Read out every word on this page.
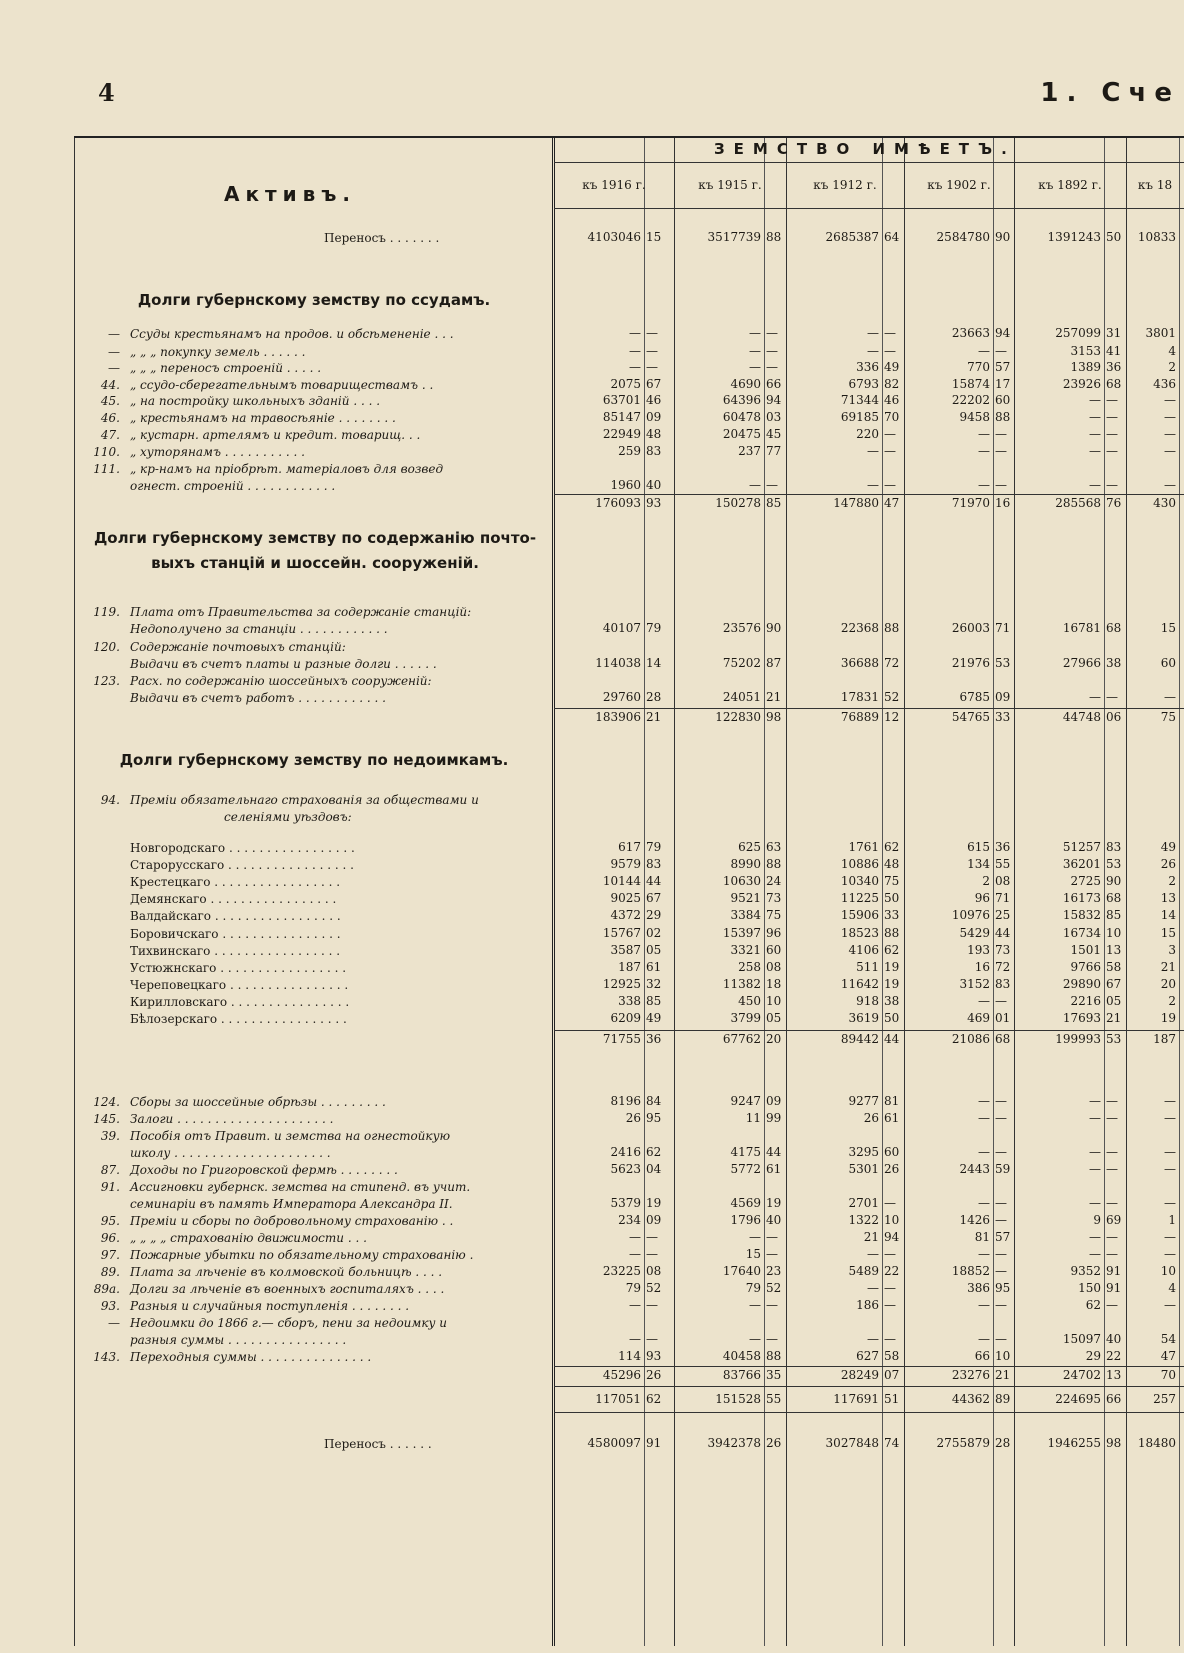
4	1. Сче
ЗЕМСТВО ИМѢЕТЪ.
къ 1916 г.	къ 1915 г.	къ 1912 г.	къ 1902 г.	къ 1892 г.	къ 18
Активъ.
Переносъ . . . . . . .	4103046 15	3517739 88	2685387 64	2584780 90	1391243 50	10833
Долги губернскому земству по ссудамъ.
— Ссуды крестьянамъ на продов. и обсѣмененіе . . .	— —	— —	— —	23663 94	257099 31	3801
— „ „ „ покупку земель . . . . . .	— —	— —	— —	— —	3153 41	4
— „ „ „ переносъ строеній . . . . .	— —	— —	336 49	770 57	1389 36	2
44. „ ссудо-сберегательнымъ товариществамъ . .	2075 67	4690 66	6793 82	15874 17	23926 68	436
45. „ на постройку школьныхъ зданій . . . .	63701 46	64396 94	71344 46	22202 60	— —	—
46. „ крестьянамъ на травосѣяніе . . . . . . . .	85147 09	60478 03	69185 70	9458 88	— —	—
47. „ кустарн. артелямъ и кредит. товарищ. . .	22949 48	20475 45	220 —	— —	— —	—
110. „ хуторянамъ . . . . . . . . . . .	259 83	237 77	— —	— —	— —	—
111. „ кр-намъ на пріобрѣт. матеріаловъ для возвед
огнест. строеній . . . . . . . . . . . .	1960 40	— —	— —	— —	— —	—
176093 93	150278 85	147880 47	71970 16	285568 76	430
Долги губернскому земству по содержанію почто-
выхъ станцій и шоссейн. сооруженій.
119. Плата отъ Правительства за содержаніе станцій:
Недополучено за станціи . . . . . . . . . . . .	40107 79	23576 90	22368 88	26003 71	16781 68	15
120. Содержаніе почтовыхъ станцій:
Выдачи въ счетъ платы и разные долги . . . . . .	114038 14	75202 87	36688 72	21976 53	27966 38	60
123. Расх. по содержанію шоссейныхъ сооруженій:
Выдачи въ счетъ работъ . . . . . . . . . . . .	29760 28	24051 21	17831 52	6785 09	— —	—
183906 21	122830 98	76889 12	54765 33	44748 06	75
Долги губернскому земству по недоимкамъ.
94. Преміи обязательнаго страхованія за обществами и
селеніями уѣздовъ:
Новгородскаго . . . . . . . . . . . . . . . . .	617 79	625 63	1761 62	615 36	51257 83	49
Старорусскаго . . . . . . . . . . . . . . . . .	9579 83	8990 88	10886 48	134 55	36201 53	26
Крестецкаго . . . . . . . . . . . . . . . . .	10144 44	10630 24	10340 75	2 08	2725 90	2
Демянскаго . . . . . . . . . . . . . . . . .	9025 67	9521 73	11225 50	96 71	16173 68	13
Валдайскаго . . . . . . . . . . . . . . . . .	4372 29	3384 75	15906 33	10976 25	15832 85	14
Боровичскаго . . . . . . . . . . . . . . . .	15767 02	15397 96	18523 88	5429 44	16734 10	15
Тихвинскаго . . . . . . . . . . . . . . . . .	3587 05	3321 60	4106 62	193 73	1501 13	3
Устюжнскаго . . . . . . . . . . . . . . . . .	187 61	258 08	511 19	16 72	9766 58	21
Череповецкаго . . . . . . . . . . . . . . . .	12925 32	11382 18	11642 19	3152 83	29890 67	20
Кирилловскаго . . . . . . . . . . . . . . . .	338 85	450 10	918 38	— —	2216 05	2
Бѣлозерскаго . . . . . . . . . . . . . . . . .	6209 49	3799 05	3619 50	469 01	17693 21	19
71755 36	67762 20	89442 44	21086 68	199993 53	187
124. Сборы за шоссейные обрѣзы . . . . . . . . .	8196 84	9247 09	9277 81	— —	— —	—
145. Залоги . . . . . . . . . . . . . . . . . . . . .	26 95	11 99	26 61	— —	— —	—
39. Пособія отъ Правит. и земства на огнестойкую
школу . . . . . . . . . . . . . . . . . . . . .	2416 62	4175 44	3295 60	— —	— —	—
87. Доходы по Григоровской фермѣ . . . . . . . .	5623 04	5772 61	5301 26	2443 59	— —	—
91. Ассигновки губернск. земства на стипенд. въ учит.
семинаріи въ память Императора Александра II.	5379 19	4569 19	2701 —	— —	— —	—
95. Преміи и сборы по добровольному страхованію . .	234 09	1796 40	1322 10	1426 —	9 69	1
96. „ „ „ „ страхованію движимости . . .	— —	— —	21 94	81 57	— —	—
97. Пожарные убытки по обязательному страхованію .	— —	15 —	— —	— —	— —	—
89. Плата за лѣченіе въ колмовской больницѣ . . . .	23225 08	17640 23	5489 22	18852 —	9352 91	10
89а. Долги за лѣченіе въ военныхъ госпиталяхъ . . . .	79 52	79 52	— —	386 95	150 91	4
93. Разныя и случайныя поступленія . . . . . . . .	— —	— —	186 —	— —	62 —	—
— Недоимки до 1866 г.— сборъ, пени за недоимку и
разныя суммы . . . . . . . . . . . . . . . .	— —	— —	— —	— —	15097 40	54
143. Переходныя суммы . . . . . . . . . . . . . . .	114 93	40458 88	627 58	66 10	29 22	47
45296 26	83766 35	28249 07	23276 21	24702 13	70
117051 62	151528 55	117691 51	44362 89	224695 66	257
Переносъ . . . . . .	4580097 91	3942378 26	3027848 74	2755879 28	1946255 98	18480
